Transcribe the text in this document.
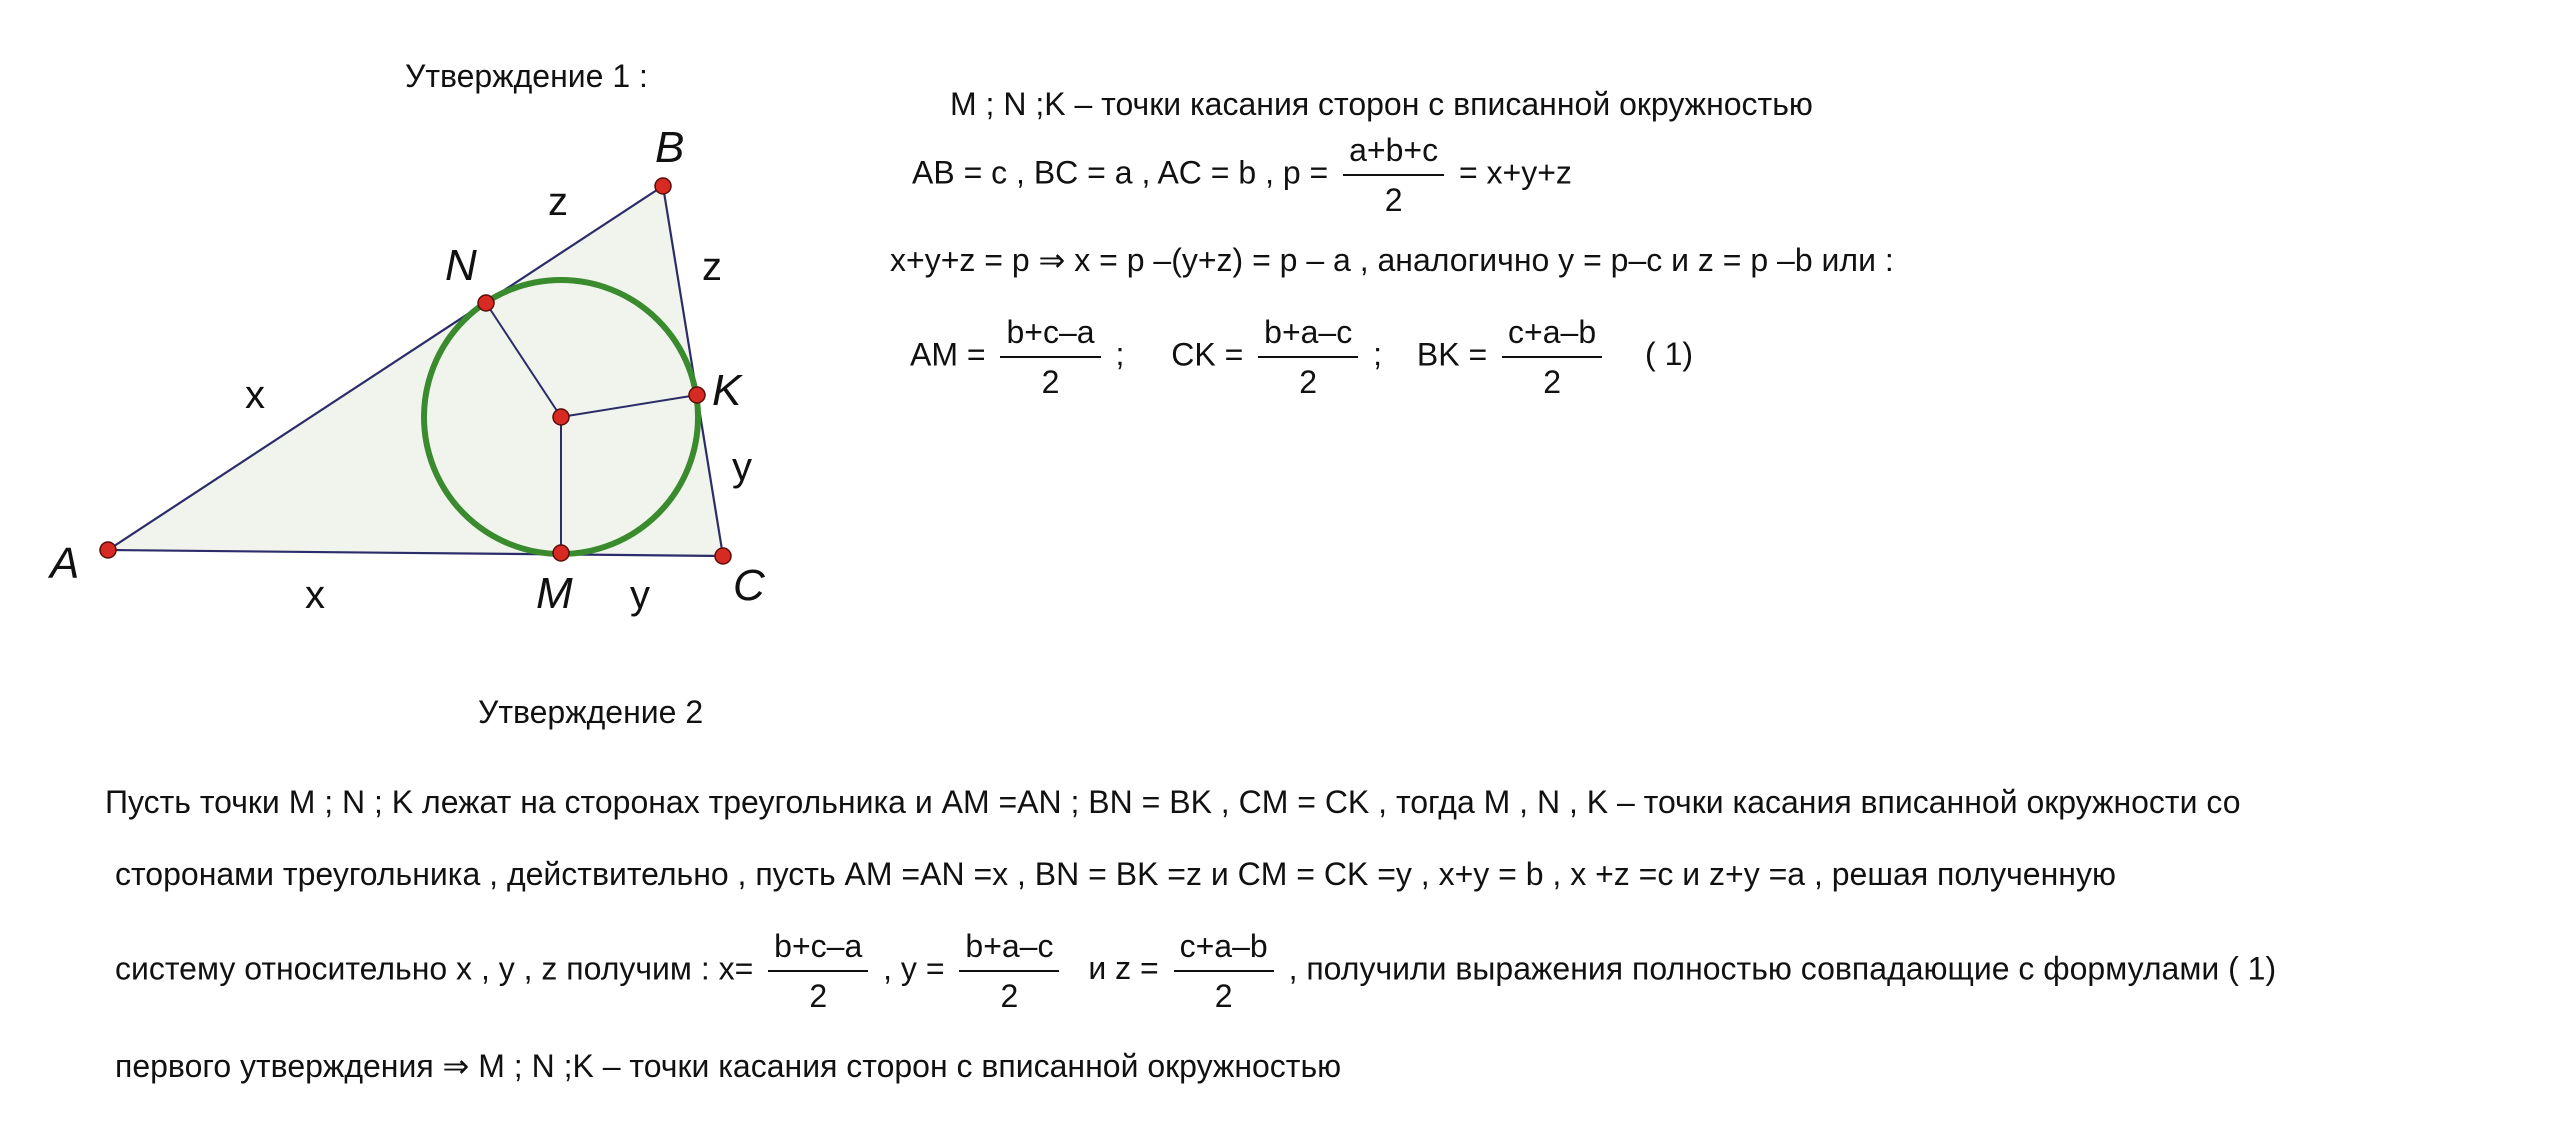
Утверждение 1 :
A
B
C
N
K
M
x
x
z
z
y
y
M ; N ;K – точки касания сторон с вписанной окружностью
AB = c , BC = a , AC = b , $p = \frac{a+b+c}{2} = x+y+z$
x+y+z = p ⇒ x = p –(y+z) = p – a , аналогично y = p–c и z = p –b или :
AM = $\frac{b+c-a}{2}$ ; CK = $\frac{b+a-c}{2}$ ; BK = $\frac{c+a-b}{2}$ ( 1)
Утверждение 2
Пусть точки M ; N ; K лежат на сторонах треугольника и AM =AN ; BN = BK , CM = CK , тогда M , N , K – точки касания вписанной окружности со
сторонами треугольника , действительно , пусть AM =AN =x , BN = BK =z и CM = CK =y , x+y = b , x +z =c и z+y =a , решая полученную
систему относительно x , y , z получим : $x= \frac{b+c-a}{2}$ , $y = \frac{b+a-c}{2}$ и $z = \frac{c+a-b}{2}$ , получили выражения полностью совпадающие с формулами ( 1)
первого утверждения ⇒ M ; N ;K – точки касания сторон с вписанной окружностью
